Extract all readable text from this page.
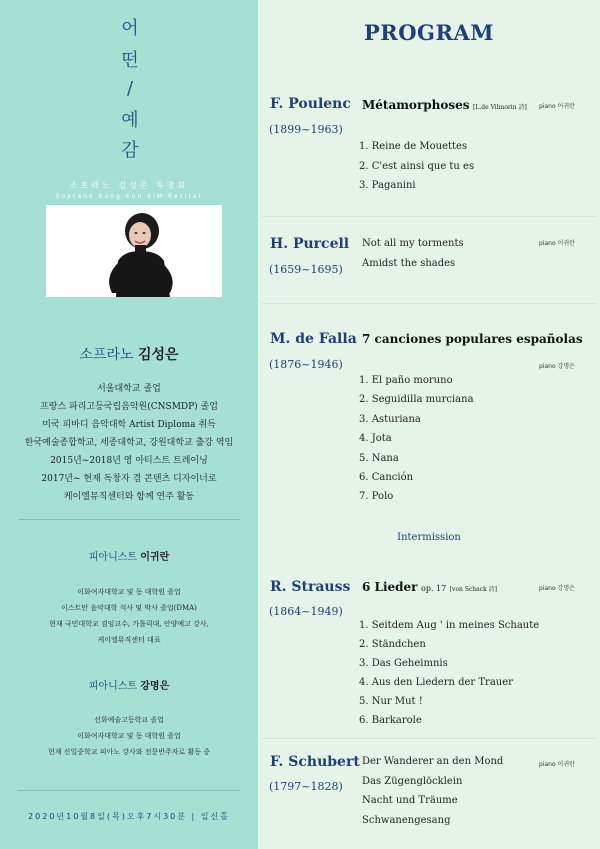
어
떤
/
예
감
소프라노 김성은 독창회
Soprano Sung-Eun KIM Recital
소프라노 김성은
서울대학교 졸업
프랑스 파리고등국립음악원(CNSMDP) 졸업
미국 피바디 음악대학 Artist Diploma 취득
한국예술종합학교, 세종대학교, 강원대학교 출강 역임
2015년~2018년 영 아티스트 트레이닝
2017년~ 현재 독창자 겸 콘텐츠 디자이너로
케이엘뮤직센터와 함께 연주 활동
피아니스트 이귀란
이화여자대학교 및 동 대학원 졸업
이스트만 음악대학 석사 및 박사 졸업(DMA)
현재 국민대학교 겸임교수, 가톨릭대, 안양예고 강사,
케이엘뮤직센터 대표
피아니스트 강명은
선화예술고등학교 졸업
이화여자대학교 및 동 대학원 졸업
현재 신일중학교 피아노 강사와 전문반주자로 활동 중
2020년10월8일(목)오후7시30분 | 일신홀
PROGRAM
F. Poulenc
(1899~1963)
Métamorphoses [L.de Vilmorin 詩] piano 이귀란
1. Reine de Mouettes
2. C'est ainsi que tu es
3. Paganini
H. Purcell
(1659~1695)
Not all my torments
Amidst the shades
piano 이귀란
M. de Falla
(1876~1946)
7 canciones populares españolas
piano 강명은
1. El paño moruno
2. Seguidilla murciana
3. Asturiana
4. Jota
5. Nana
6. Canción
7. Polo
Intermission
R. Strauss
(1864~1949)
6 Lieder op. 17 [von Schack 詩]	piano 강명은
1. Seitdem Aug ' in meines Schaute
2. Ständchen
3. Das Geheimnis
4. Aus den Liedern der Trauer
5. Nur Mut !
6. Barkarole
F. Schubert
(1797~1828)
Der Wanderer an den Mond
Das Zügenglöcklein
Nacht und Träume
Schwanengesang
piano 이귀란
